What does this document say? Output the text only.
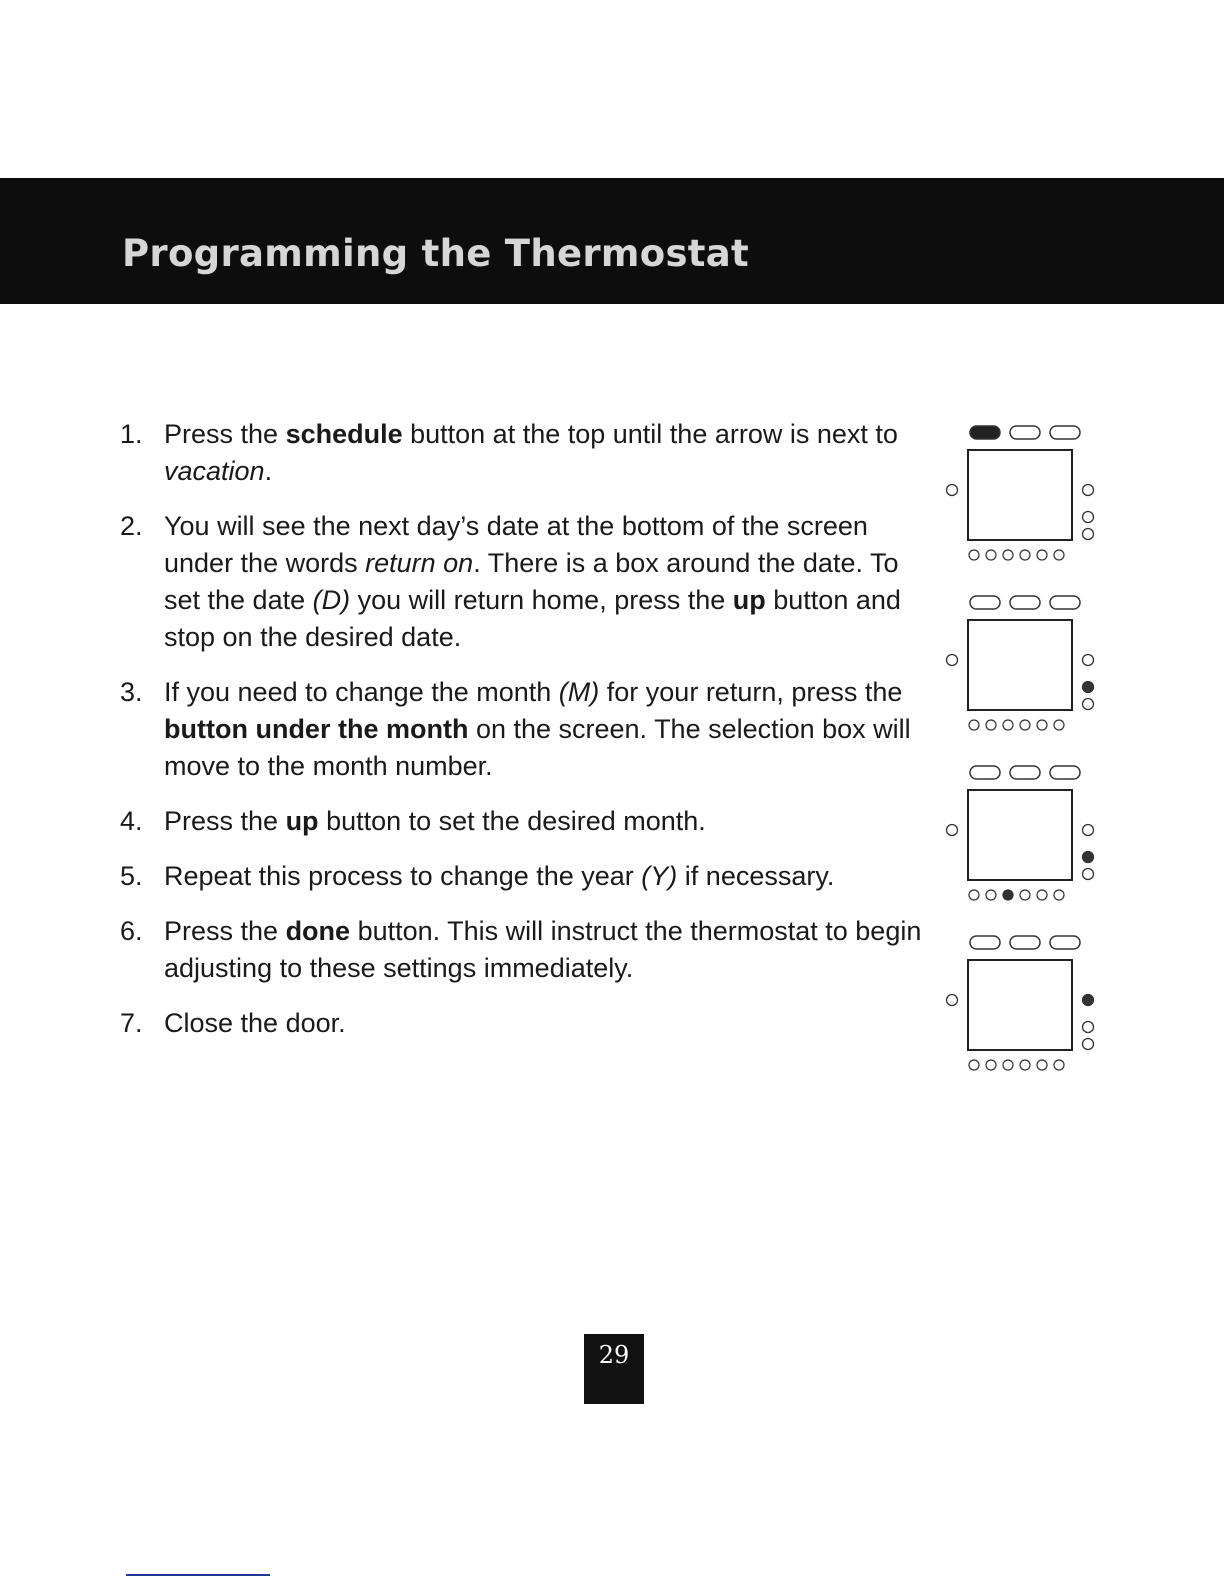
Programming the Thermostat
1. Press the schedule button at the top until the arrow is next to vacation.
2. You will see the next day’s date at the bottom of the screen under the words return on. There is a box around the date. To set the date (D) you will return home, press the up button and stop on the desired date.
3. If you need to change the month (M) for your return, press the button under the month on the screen. The selection box will move to the month number.
4. Press the up button to set the desired month.
5. Repeat this process to change the year (Y) if necessary.
6. Press the done button. This will instruct the thermostat to begin adjusting to these settings immediately.
7. Close the door.
29
